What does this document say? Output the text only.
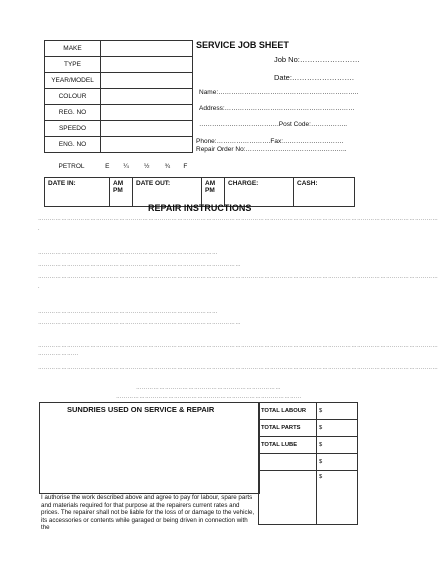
MAKE	
TYPE	
YEAR/MODEL	
COLOUR	
REG. NO	
SPEEDO	
ENG. NO	
PETROL	E	¼	½	¾	F
SERVICE JOB SHEET
Job No:……………………
Date:…………………….
Name:………………………………………………………..
Address:……………………………………………………
……………………………….Post Code:……………..
Phone:…………………….Fax:……………………….
Repair Order No:………………………………………..
DATE IN:	AM PM	DATE OUT:	AM PM	CHARGE:	CASH:
REPAIR INSTRUCTIONS
………………………………………………………………………………………………………………………………………………………………………………………
.
…………………………………………………………………………………
……………………………………………………………………………………………
………………………………………………………………………………………………………………………………………………………………………………………
.
…………………………………………………………………………………
……………………………………………………………………………………………
………………………………………………………………………………………………………………………………………………………………………………………
…………………
………………………………………………………………………………………………………………………………………………………………………………………
…………………………………………………………………
……………………………………………………………………………………
SUNDRIES USED ON SERVICE & REPAIR	TOTAL LABOUR	$
TOTAL PARTS	$
TOTAL LUBE	$
	$
	$
I authorise the work described above and agree to pay for labour, spare parts and materials required for that purpose at the repairers current rates and prices. The repairer shall not be liable for the loss of or damage to the vehicle, its accessories or contents while garaged or being driven in connection with the
